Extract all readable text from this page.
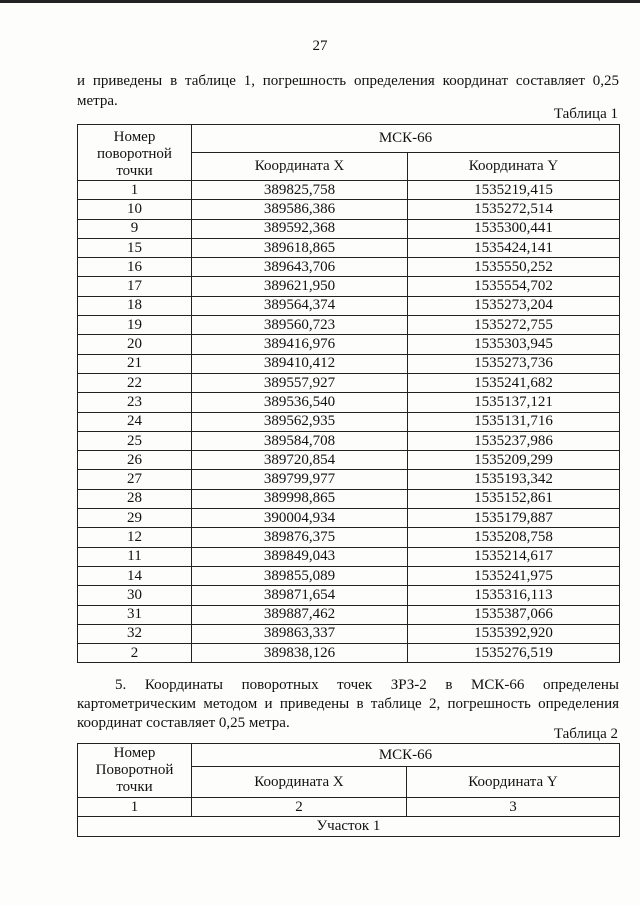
27
и приведены в таблице 1, погрешность определения координат составляет 0,25 метра.
Таблица 1
Номер поворотной точки	МСК-66	
	Координата X	Координата Y
1	389825,758	1535219,415
10	389586,386	1535272,514
9	389592,368	1535300,441
15	389618,865	1535424,141
16	389643,706	1535550,252
17	389621,950	1535554,702
18	389564,374	1535273,204
19	389560,723	1535272,755
20	389416,976	1535303,945
21	389410,412	1535273,736
22	389557,927	1535241,682
23	389536,540	1535137,121
24	389562,935	1535131,716
25	389584,708	1535237,986
26	389720,854	1535209,299
27	389799,977	1535193,342
28	389998,865	1535152,861
29	390004,934	1535179,887
12	389876,375	1535208,758
11	389849,043	1535214,617
14	389855,089	1535241,975
30	389871,654	1535316,113
31	389887,462	1535387,066
32	389863,337	1535392,920
2	389838,126	1535276,519
5. Координаты поворотных точек ЗРЗ-2 в МСК-66 определены картометрическим методом и приведены в таблице 2, погрешность определения координат составляет 0,25 метра.
Таблица 2
Номер Поворотной точки	МСК-66	
	Координата X	Координата Y
1	2	3
Участок 1		
